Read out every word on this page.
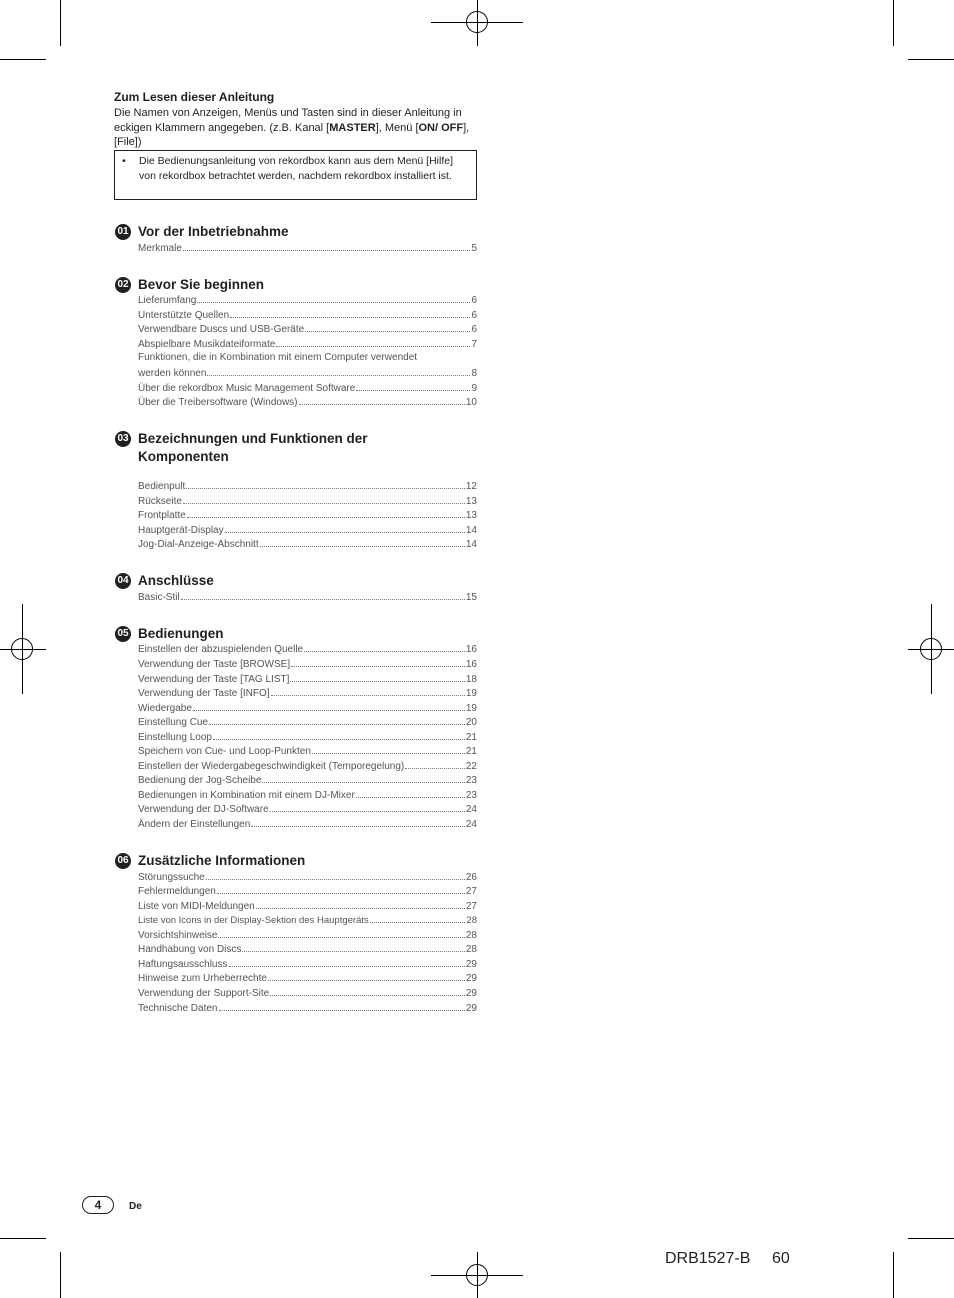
Zum Lesen dieser Anleitung
Die Namen von Anzeigen, Menüs und Tasten sind in dieser Anleitung in eckigen Klammern angegeben. (z.B. Kanal [MASTER], Menü [ON/ OFF], [File])
• Die Bedienungsanleitung von rekordbox kann aus dem Menü [Hilfe] von rekordbox betrachtet werden, nachdem rekordbox installiert ist.
01 Vor der Inbetriebnahme
Merkmale	5
02 Bevor Sie beginnen
Lieferumfang	6
Unterstützte Quellen	6
Verwendbare Duscs und USB-Geräte	6
Abspielbare Musikdateiformate	7
Funktionen, die in Kombination mit einem Computer verwendet
werden können	8
Über die rekordbox Music Management Software	9
Über die Treibersoftware (Windows)	10
03 Bezeichnungen und Funktionen der
Komponenten
Bedienpult	12
Rückseite	13
Frontplatte	13
Hauptgerät-Display	14
Jog-Dial-Anzeige-Abschnitt	14
04 Anschlüsse
Basic-Stil	15
05 Bedienungen
Einstellen der abzuspielenden Quelle	16
Verwendung der Taste [BROWSE]	16
Verwendung der Taste [TAG LIST]	18
Verwendung der Taste [INFO]	19
Wiedergabe	19
Einstellung Cue	20
Einstellung Loop	21
Speichern von Cue- und Loop-Punkten	21
Einstellen der Wiedergabegeschwindigkeit (Temporegelung)	22
Bedienung der Jog-Scheibe	23
Bedienungen in Kombination mit einem DJ-Mixer	23
Verwendung der DJ-Software	24
Ändern der Einstellungen	24
06 Zusätzliche Informationen
Störungssuche	26
Fehlermeldungen	27
Liste von MIDI-Meldungen	27
Liste von Icons in der Display-Sektion des Hauptgeräts	28
Vorsichtshinweise	28
Handhabung von Discs	28
Haftungsausschluss	29
Hinweise zum Urheberrechte	29
Verwendung der Support-Site	29
Technische Daten	29
4	De
DRB1527-B 60
